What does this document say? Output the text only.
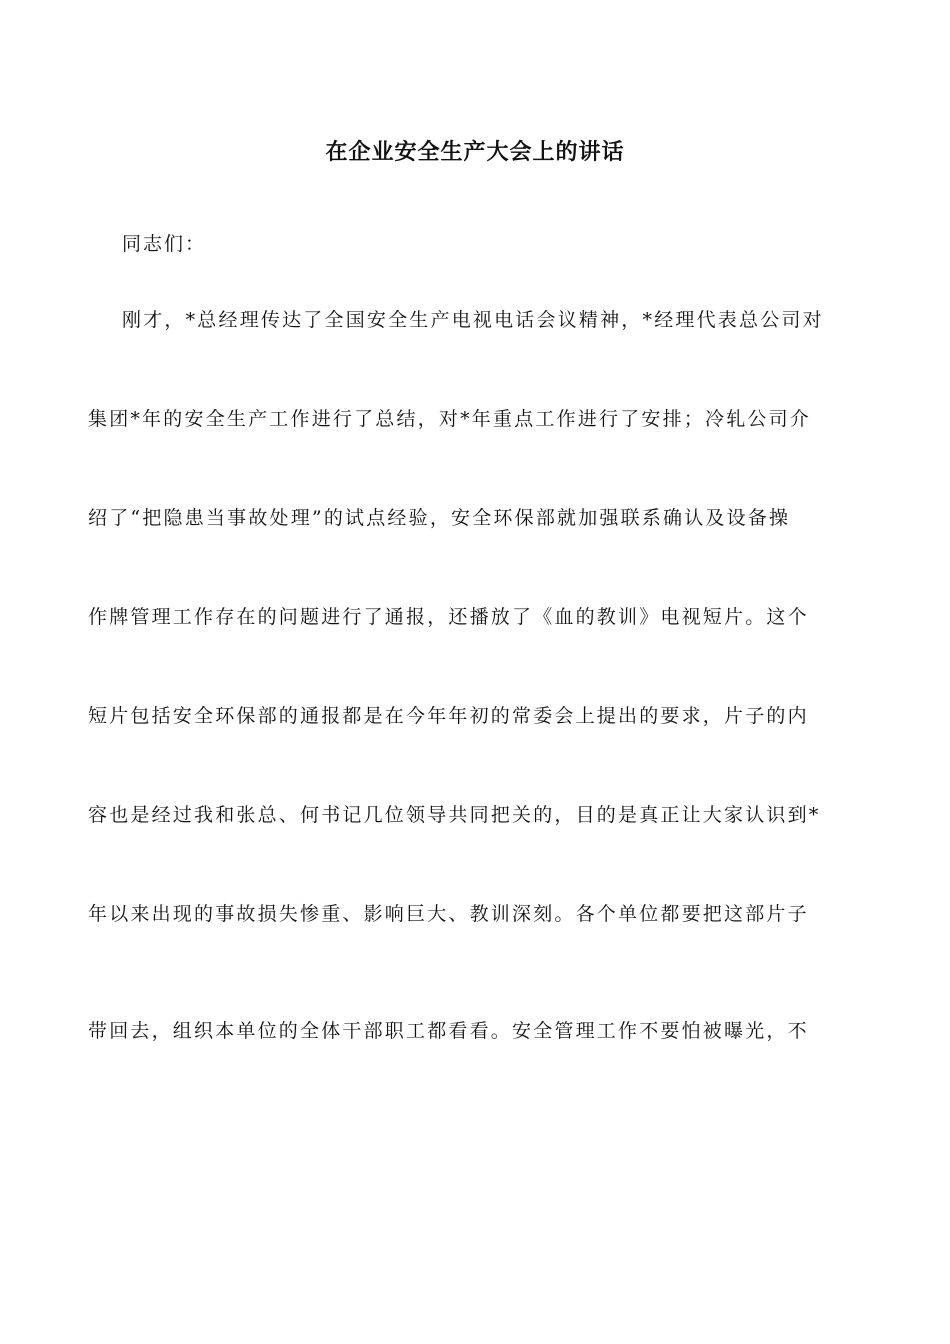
在企业安全生产大会上的讲话
同志们：
刚才，*总经理传达了全国安全生产电视电话会议精神，*经理代表总公司对
集团*年的安全生产工作进行了总结，对*年重点工作进行了安排；冷轧公司介
绍了“把隐患当事故处理”的试点经验，安全环保部就加强联系确认及设备操
作牌管理工作存在的问题进行了通报，还播放了《血的教训》电视短片。这个
短片包括安全环保部的通报都是在今年年初的常委会上提出的要求，片子的内
容也是经过我和张总、何书记几位领导共同把关的，目的是真正让大家认识到*
年以来出现的事故损失惨重、影响巨大、教训深刻。各个单位都要把这部片子
带回去，组织本单位的全体干部职工都看看。安全管理工作不要怕被曝光，不
